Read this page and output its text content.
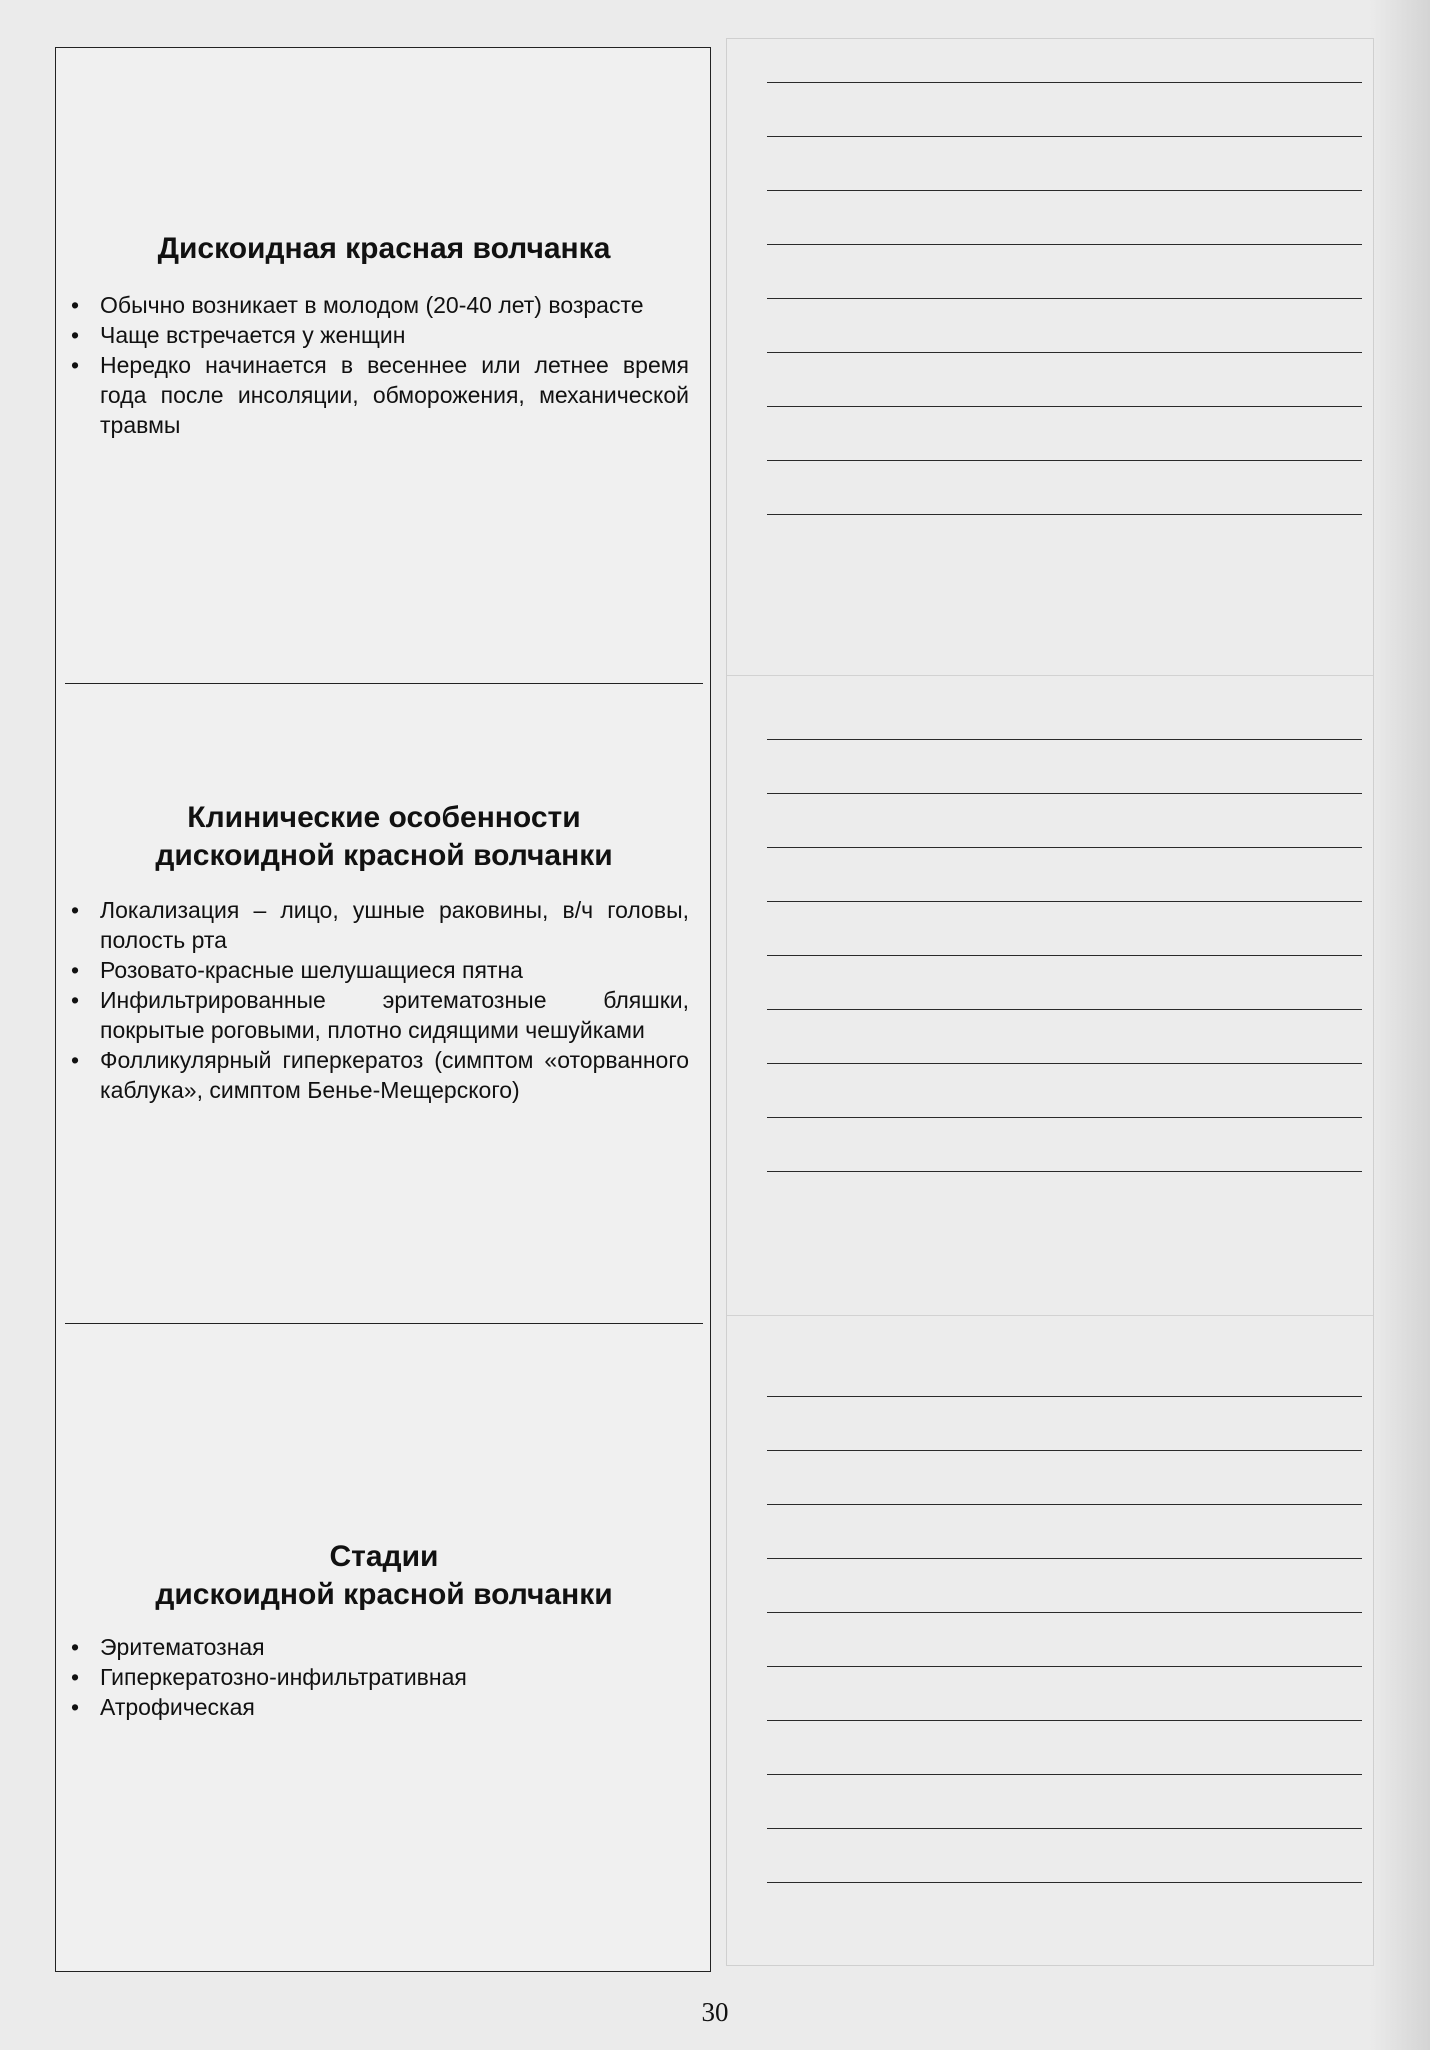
Дискоидная красная волчанка
• Обычно возникает в молодом (20-40 лет) возрасте
• Чаще встречается у женщин
• Нередко начинается в весеннее или летнее время года после инсоляции, обморожения, механической травмы
Клинические особенности
дискоидной красной волчанки
• Локализация – лицо, ушные раковины, в/ч головы, полость рта
• Розовато-красные шелушащиеся пятна
• Инфильтрированные эритематозные бляшки, покрытые роговыми, плотно сидящими чешуйками
• Фолликулярный гиперкератоз (симптом «оторванного каблука», симптом Бенье-Мещерского)
Стадии
дискоидной красной волчанки
• Эритематозная
• Гиперкератозно-инфильтративная
• Атрофическая
30
